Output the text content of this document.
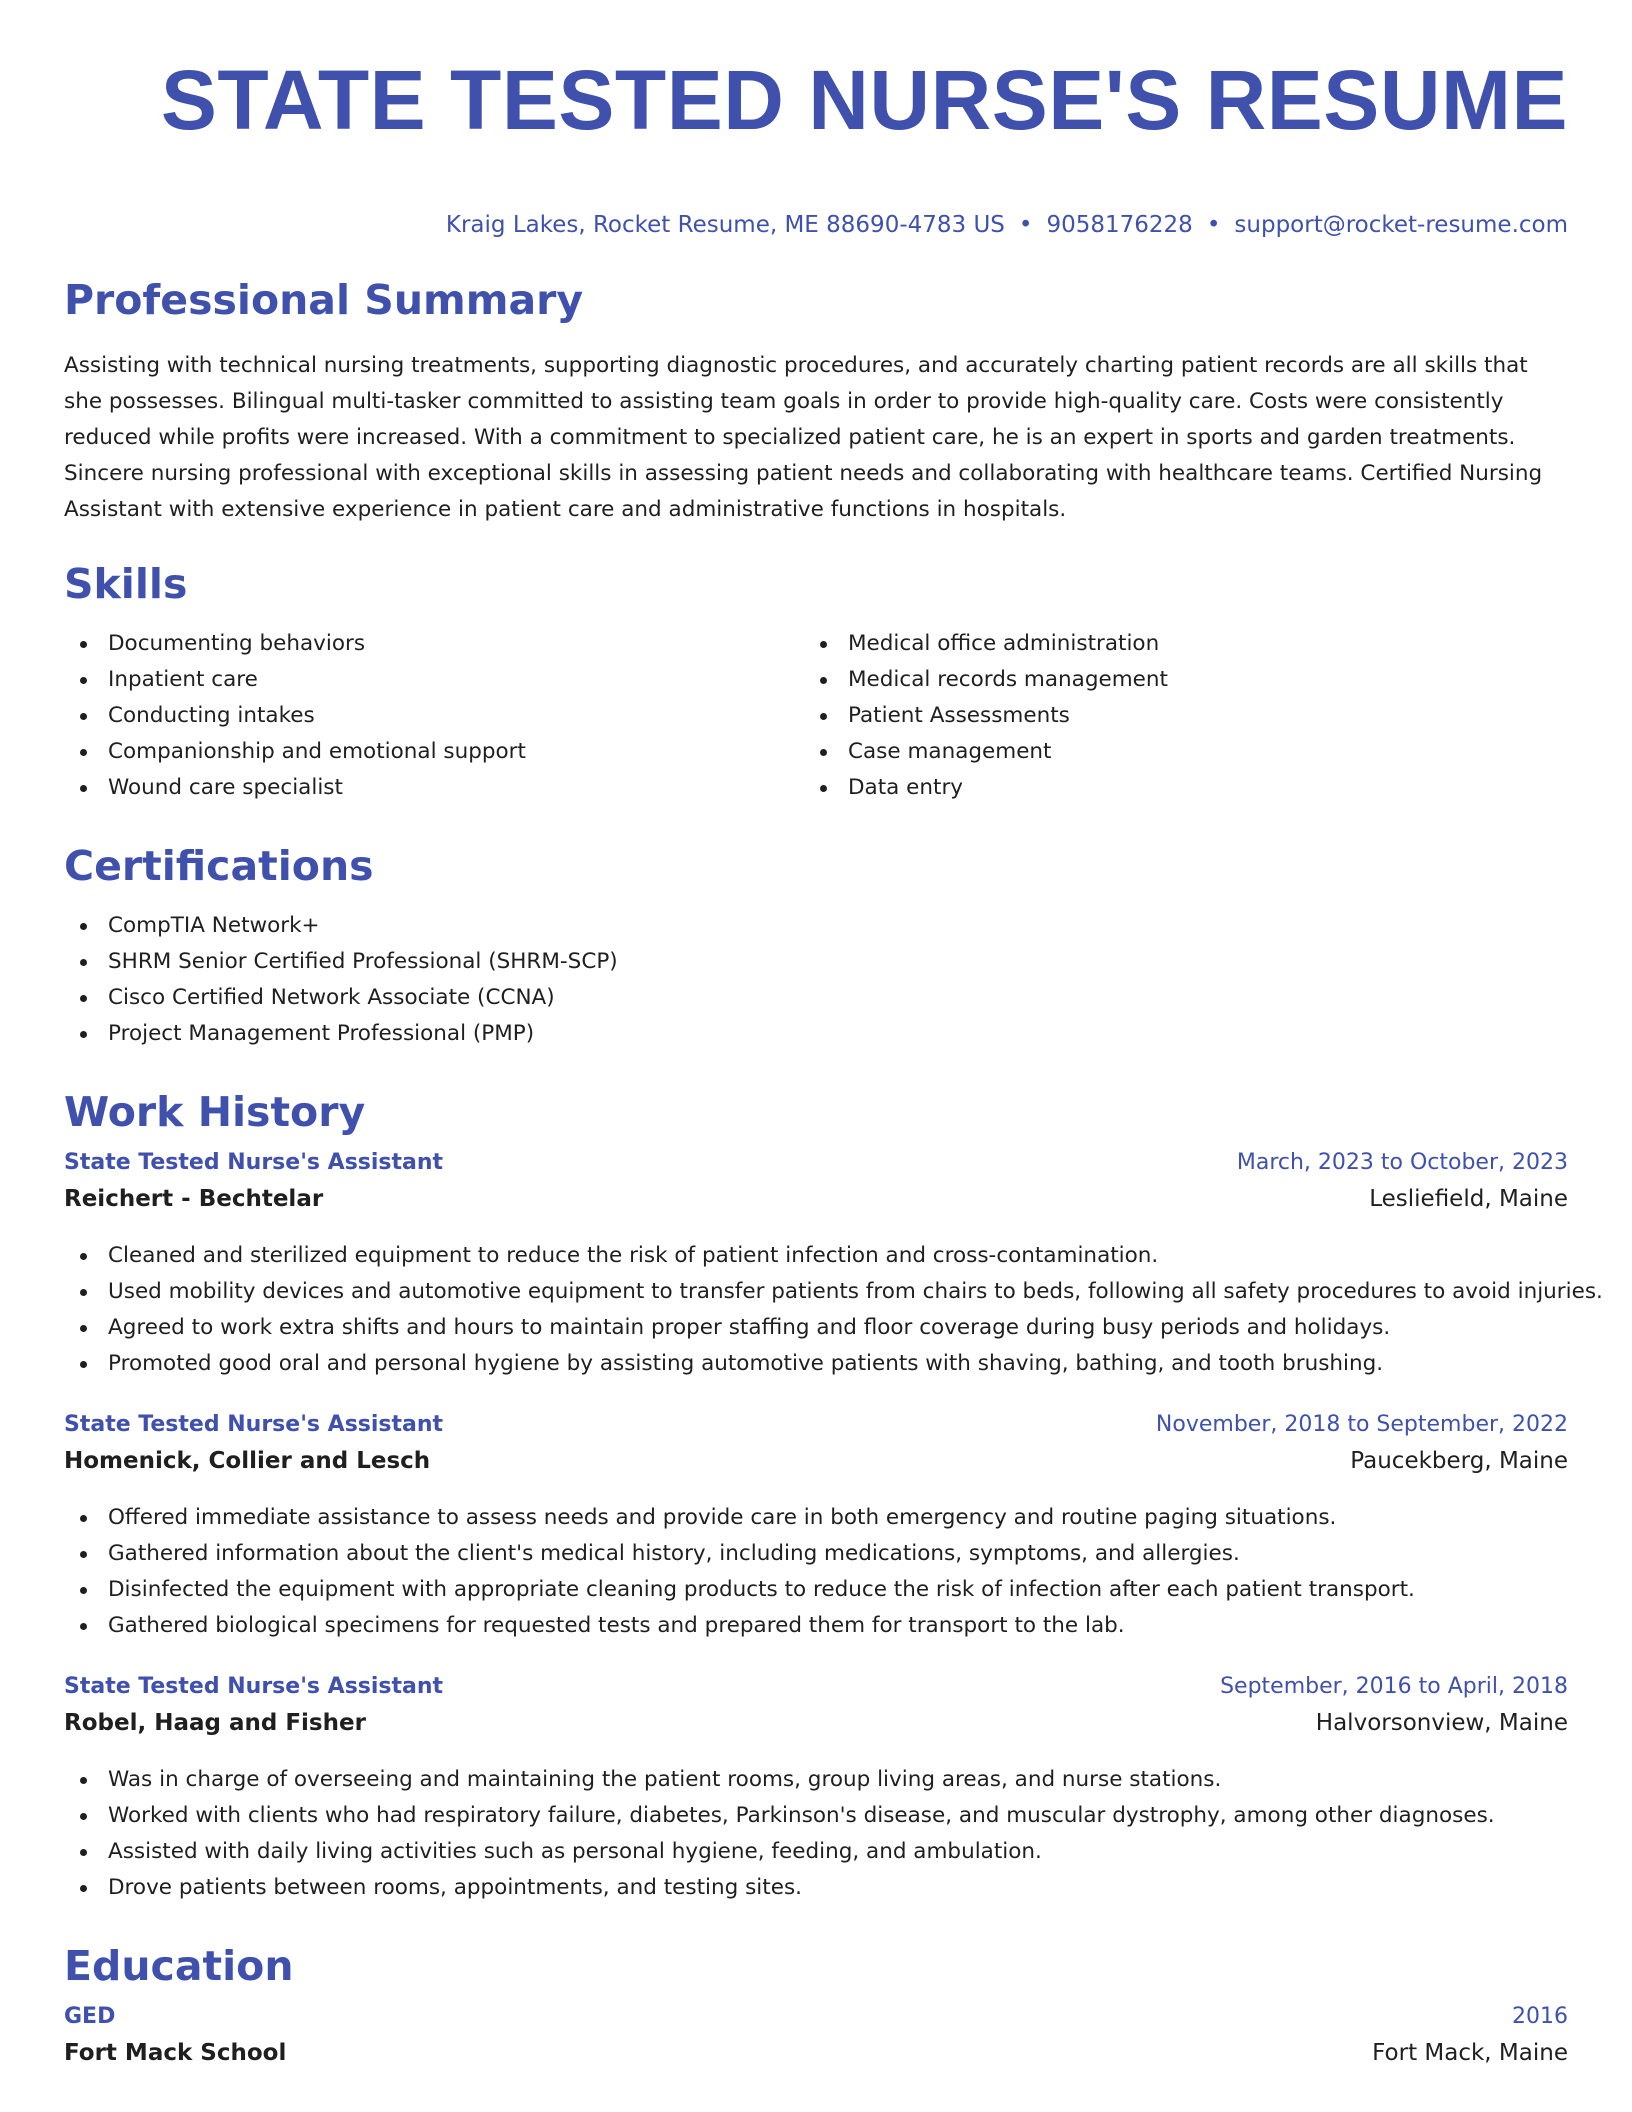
STATE TESTED NURSE'S RESUME
Kraig Lakes, Rocket Resume, ME 88690-4783 US • 9058176228 • support@rocket-resume.com
Professional Summary

Assisting with technical nursing treatments, supporting diagnostic procedures, and accurately charting patient records are all skills that she possesses. Bilingual multi-tasker committed to assisting team goals in order to provide high-quality care. Costs were consistently reduced while profits were increased. With a commitment to specialized patient care, he is an expert in sports and garden treatments. Sincere nursing professional with exceptional skills in assessing patient needs and collaborating with healthcare teams. Certified Nursing Assistant with extensive experience in patient care and administrative functions in hospitals.

Skills
Documenting behaviors
Inpatient care
Conducting intakes
Companionship and emotional support
Wound care specialist
Medical office administration
Medical records management
Patient Assessments
Case management
Data entry
Certifications
CompTIA Network+
SHRM Senior Certified Professional (SHRM-SCP)
Cisco Certified Network Associate (CCNA)
Project Management Professional (PMP)
Work History
State Tested Nurse's Assistant	March, 2023 to October, 2023
Reichert - Bechtelar	Lesliefield, Maine
Cleaned and sterilized equipment to reduce the risk of patient infection and cross-contamination.
Used mobility devices and automotive equipment to transfer patients from chairs to beds, following all safety procedures to avoid injuries.
Agreed to work extra shifts and hours to maintain proper staffing and floor coverage during busy periods and holidays.
Promoted good oral and personal hygiene by assisting automotive patients with shaving, bathing, and tooth brushing.
State Tested Nurse's Assistant	November, 2018 to September, 2022
Homenick, Collier and Lesch	Paucekberg, Maine
Offered immediate assistance to assess needs and provide care in both emergency and routine paging situations.
Gathered information about the client's medical history, including medications, symptoms, and allergies.
Disinfected the equipment with appropriate cleaning products to reduce the risk of infection after each patient transport.
Gathered biological specimens for requested tests and prepared them for transport to the lab.
State Tested Nurse's Assistant	September, 2016 to April, 2018
Robel, Haag and Fisher	Halvorsonview, Maine
Was in charge of overseeing and maintaining the patient rooms, group living areas, and nurse stations.
Worked with clients who had respiratory failure, diabetes, Parkinson's disease, and muscular dystrophy, among other diagnoses.
Assisted with daily living activities such as personal hygiene, feeding, and ambulation.
Drove patients between rooms, appointments, and testing sites.
Education
GED	2016
Fort Mack School	Fort Mack, Maine
